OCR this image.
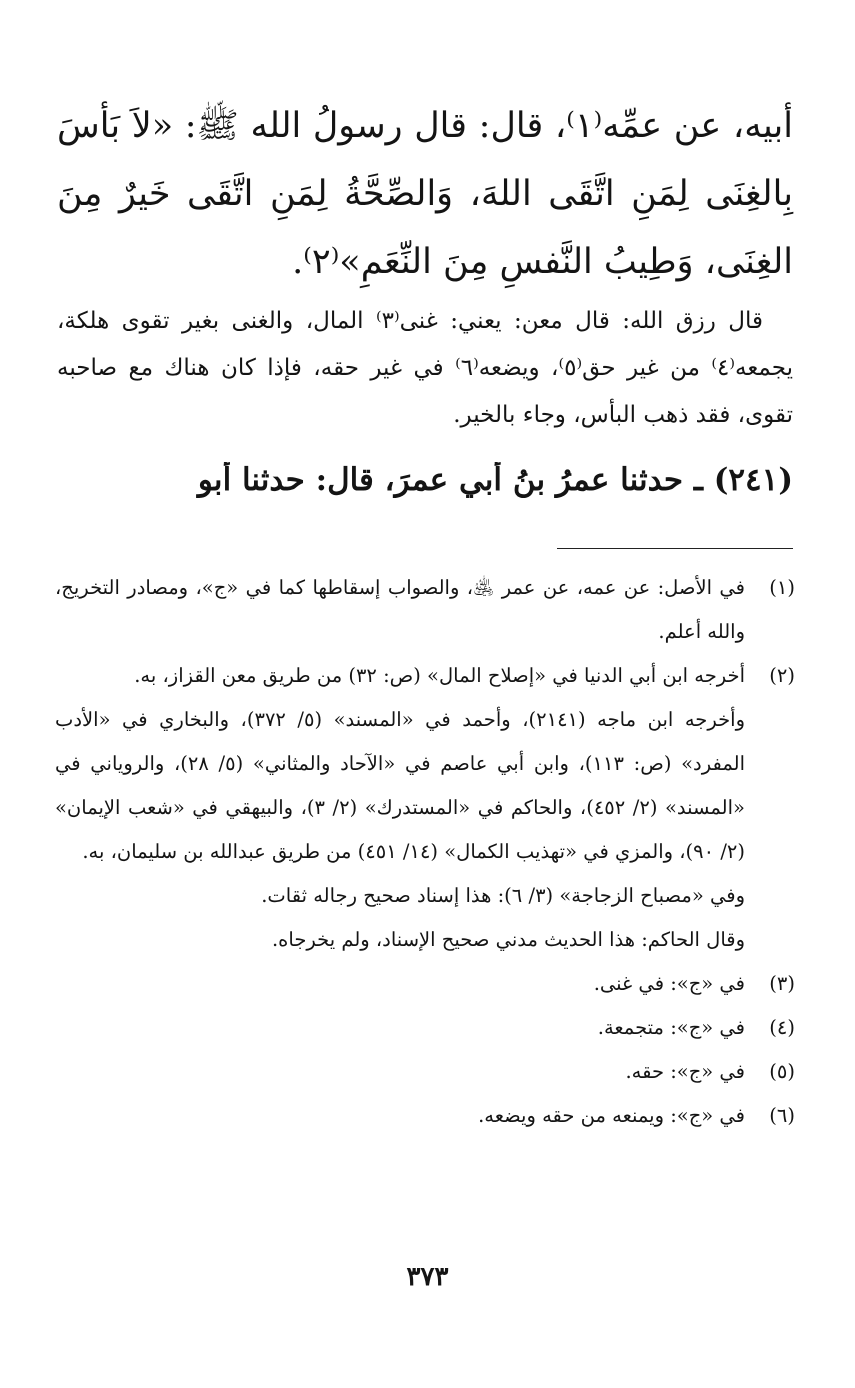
أبيه، عن عمِّه⁽١⁾، قال: قال رسولُ الله ﷺ: «لاَ بَأسَ بِالغِنَى لِمَنِ اتَّقَى اللهَ، وَالصِّحَّةُ لِمَنِ اتَّقَى خَيرٌ مِنَ الغِنَى، وَطِيبُ النَّفسِ مِنَ النِّعَمِ»⁽٢⁾.

قال رزق الله: قال معن: يعني: غنى⁽٣⁾ المال، والغنى بغير تقوى هلكة، يجمعه⁽٤⁾ من غير حق⁽٥⁾، ويضعه⁽٦⁾ في غير حقه، فإذا كان هناك مع صاحبه تقوى، فقد ذهب البأس، وجاء بالخير.

(٢٤١) ـ حدثنا عمرُ بنُ أبي عمرَ، قال: حدثنا أبو
(١)

في الأصل: عن عمه، عن عمر ﵁، والصواب إسقاطها كما في «ج»، ومصادر التخريج، والله أعلم.

(٢)

أخرجه ابن أبي الدنيا في «إصلاح المال» (ص: ٣٢) من طريق معن القزاز، به.

وأخرجه ابن ماجه (٢١٤١)، وأحمد في «المسند» (٥/ ٣٧٢)، والبخاري في «الأدب المفرد» (ص: ١١٣)، وابن أبي عاصم في «الآحاد والمثاني» (٥/ ٢٨)، والروياني في «المسند» (٢/ ٤٥٢)، والحاكم في «المستدرك» (٢/ ٣)، والبيهقي في «شعب الإيمان» (٢/ ٩٠)، والمزي في «تهذيب الكمال» (١٤/ ٤٥١) من طريق عبدالله بن سليمان، به.

وفي «مصباح الزجاجة» (٣/ ٦): هذا إسناد صحيح رجاله ثقات.

وقال الحاكم: هذا الحديث مدني صحيح الإسناد، ولم يخرجاه.

(٣)

في «ج»: في غنى.

(٤)

في «ج»: متجمعة.

(٥)

في «ج»: حقه.

(٦)

في «ج»: ويمنعه من حقه ويضعه.

٣٧٣
